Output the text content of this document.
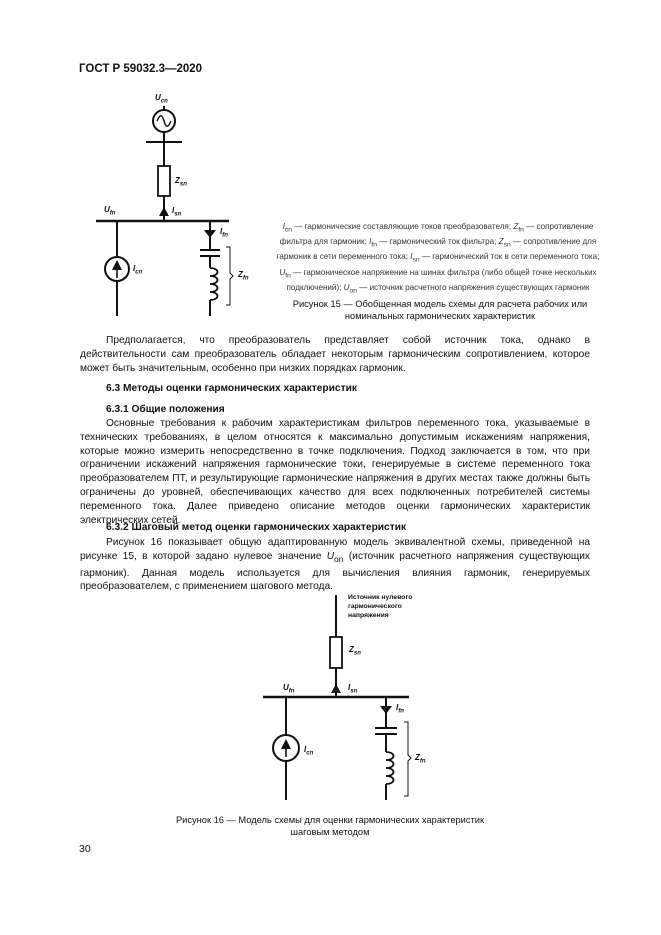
ГОСТ Р 59032.3—2020
$U_{cn}$
$Z_{sn}$
$U_{fn}$	$I_{sn}$
$I_{fn}$
$I_{cn}$	$Z_{fn}$
$I_{cn}$ — гармонические составляющие токов преобразователя; $Z_{fn}$ — сопротивление фильтра для гармоник; $I_{fn}$ — гармонический ток фильтра; $Z_{sn}$ — сопротивление для гармоник в сети переменного тока; $I_{sn}$ — гармонический ток в сети переменного тока; $U_{fn}$ — гармоническое напряжение на шинах фильтра (либо общей точке нескольких подключений); $U_{on}$ — источник расчетного напряжения существующих гармоник
Рисунок 15 — Обобщенная модель схемы для расчета рабочих или
номинальных гармонических характеристик
Предполагается, что преобразователь представляет собой источник тока, однако в действительности сам преобразователь обладает некоторым гармоническим сопротивлением, которое может быть значительным, особенно при низких порядках гармоник.
6.3 Методы оценки гармонических характеристик
6.3.1 Общие положения
Основные требования к рабочим характеристикам фильтров переменного тока, указываемые в технических требованиях, в целом относятся к максимально допустимым искажениям напряжения, которые можно измерить непосредственно в точке подключения. Подход заключается в том, что при ограничении искажений напряжения гармонические токи, генерируемые в системе переменного тока преобразователем ПТ, и результирующие гармонические напряжения в других местах также должны быть ограничены до уровней, обеспечивающих качество для всех подключенных потребителей системы переменного тока. Далее приведено описание методов оценки гармонических характеристик электрических сетей.
6.3.2 Шаговый метод оценки гармонических характеристик
Рисунок 16 показывает общую адаптированную модель эквивалентной схемы, приведенной на рисунке 15, в которой задано нулевое значение $U_{on}$ (источник расчетного напряжения существующих гармоник). Данная модель используется для вычисления влияния гармоник, генерируемых преобразователем, с применением шагового метода.
Источник нулевого
гармонического
напряжения
$Z_{sn}$
$U_{fn}$	$I_{sn}$
$I_{fn}$
$I_{cn}$	$Z_{fn}$
Рисунок 16 — Модель схемы для оценки гармонических характеристик
шаговым методом
30
